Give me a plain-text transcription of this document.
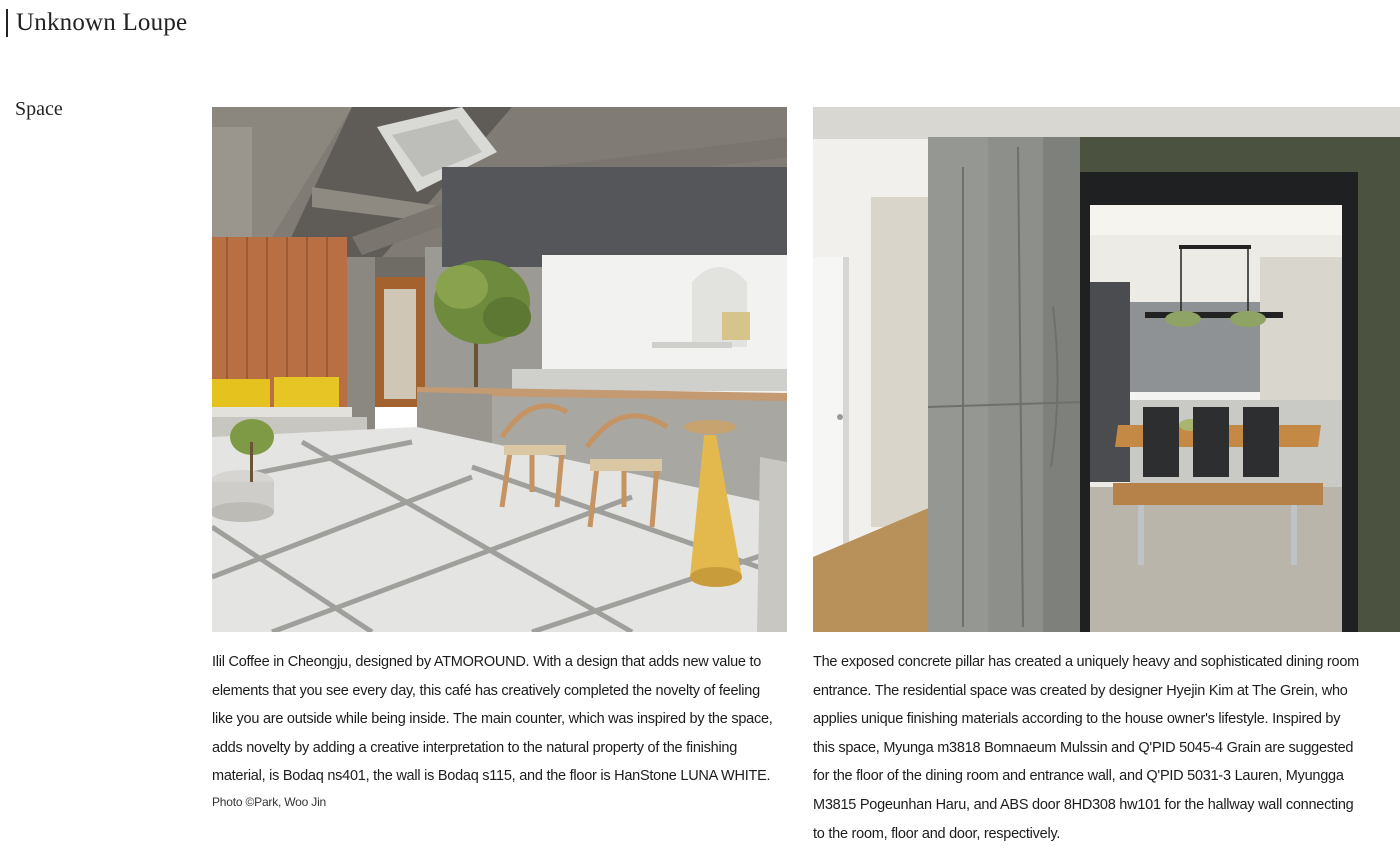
Unknown Loupe
Space
Ilil Coffee in Cheongju, designed by ATMOROUND. With a design that adds new value to elements that you see every day, this café has creatively completed the novelty of feeling like you are outside while being inside. The main counter, which was inspired by the space, adds novelty by adding a creative interpretation to the natural property of the finishing material, is Bodaq ns401, the wall is Bodaq s115, and the floor is HanStone LUNA WHITE.
Photo ©Park, Woo Jin
The exposed concrete pillar has created a uniquely heavy and sophisticated dining room entrance. The residential space was created by designer Hyejin Kim at The Grein, who applies unique finishing materials according to the house owner's lifestyle. Inspired by this space, Myunga m3818 Bomnaeum Mulssin and Q'PID 5045-4 Grain are suggested for the floor of the dining room and entrance wall, and Q'PID 5031-3 Lauren, Myungga M3815 Pogeunhan Haru, and ABS door 8HD308 hw101 for the hallway wall connecting to the room, floor and door, respectively.
